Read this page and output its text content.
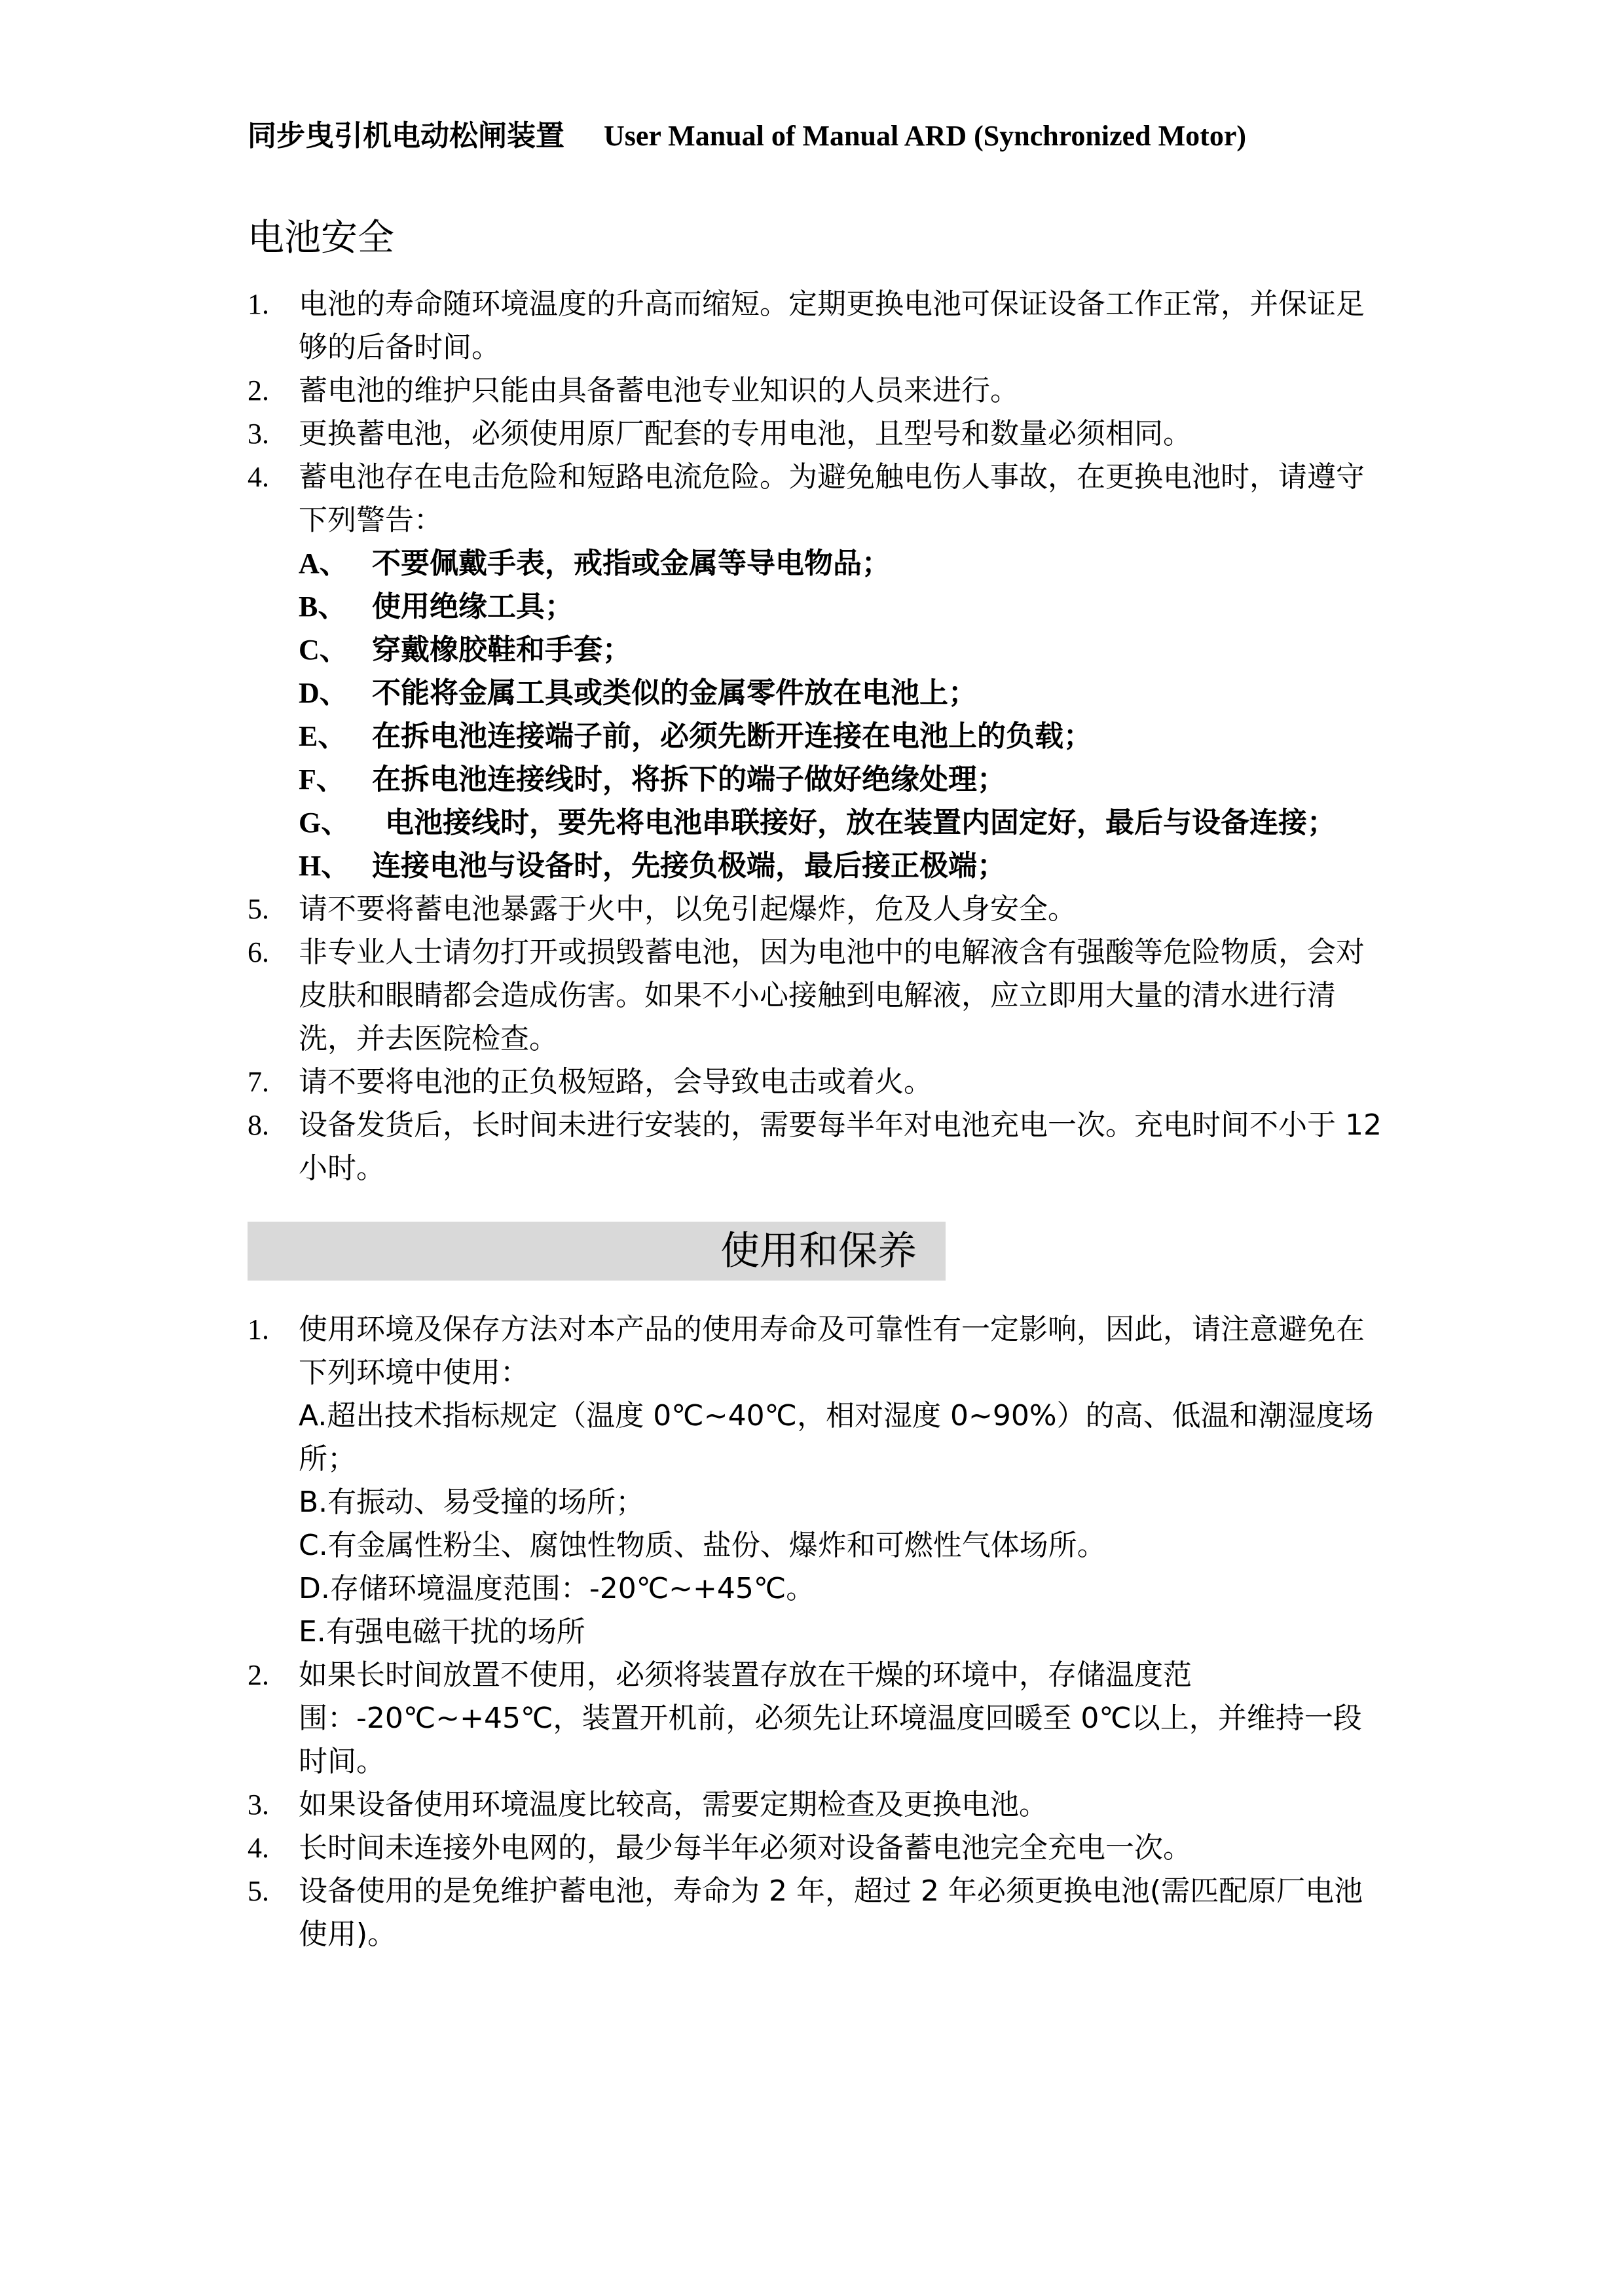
同步曳引机电动松闸装置 User Manual of Manual ARD (Synchronized Motor)
电池安全
1.	电池的寿命随环境温度的升高而缩短。定期更换电池可保证设备工作正常，并保证足够的后备时间。
2.	蓄电池的维护只能由具备蓄电池专业知识的人员来进行。
3.	更换蓄电池，必须使用原厂配套的专用电池，且型号和数量必须相同。
4.	蓄电池存在电击危险和短路电流危险。为避免触电伤人事故，在更换电池时，请遵守下列警告：
A、 不要佩戴手表，戒指或金属等导电物品；
B、 使用绝缘工具；
C、 穿戴橡胶鞋和手套；
D、 不能将金属工具或类似的金属零件放在电池上；
E、 在拆电池连接端子前，必须先断开连接在电池上的负载；
F、 在拆电池连接线时，将拆下的端子做好绝缘处理；
G、	电池接线时，要先将电池串联接好，放在装置内固定好，最后与设备连接；
H、 连接电池与设备时，先接负极端，最后接正极端；
5.	请不要将蓄电池暴露于火中，以免引起爆炸，危及人身安全。
6.	非专业人士请勿打开或损毁蓄电池，因为电池中的电解液含有强酸等危险物质，会对皮肤和眼睛都会造成伤害。如果不小心接触到电解液，应立即用大量的清水进行清洗，并去医院检查。
7.	请不要将电池的正负极短路，会导致电击或着火。
8.	设备发货后，长时间未进行安装的，需要每半年对电池充电一次。充电时间不小于 12 小时。
使用和保养
1.	使用环境及保存方法对本产品的使用寿命及可靠性有一定影响，因此，请注意避免在下列环境中使用：
A.超出技术指标规定（温度 0℃~40℃，相对湿度 0~90%）的高、低温和潮湿度场所；
B.有振动、易受撞的场所；
C.有金属性粉尘、腐蚀性物质、盐份、爆炸和可燃性气体场所。
D.存储环境温度范围：-20℃~+45℃。
E.有强电磁干扰的场所
2.	如果长时间放置不使用，必须将装置存放在干燥的环境中，存储温度范围：-20℃~+45℃，装置开机前，必须先让环境温度回暖至 0℃以上，并维持一段时间。
3.	如果设备使用环境温度比较高，需要定期检查及更换电池。
4.	长时间未连接外电网的，最少每半年必须对设备蓄电池完全充电一次。
5.	设备使用的是免维护蓄电池，寿命为 2 年，超过 2 年必须更换电池(需匹配原厂电池使用)。
